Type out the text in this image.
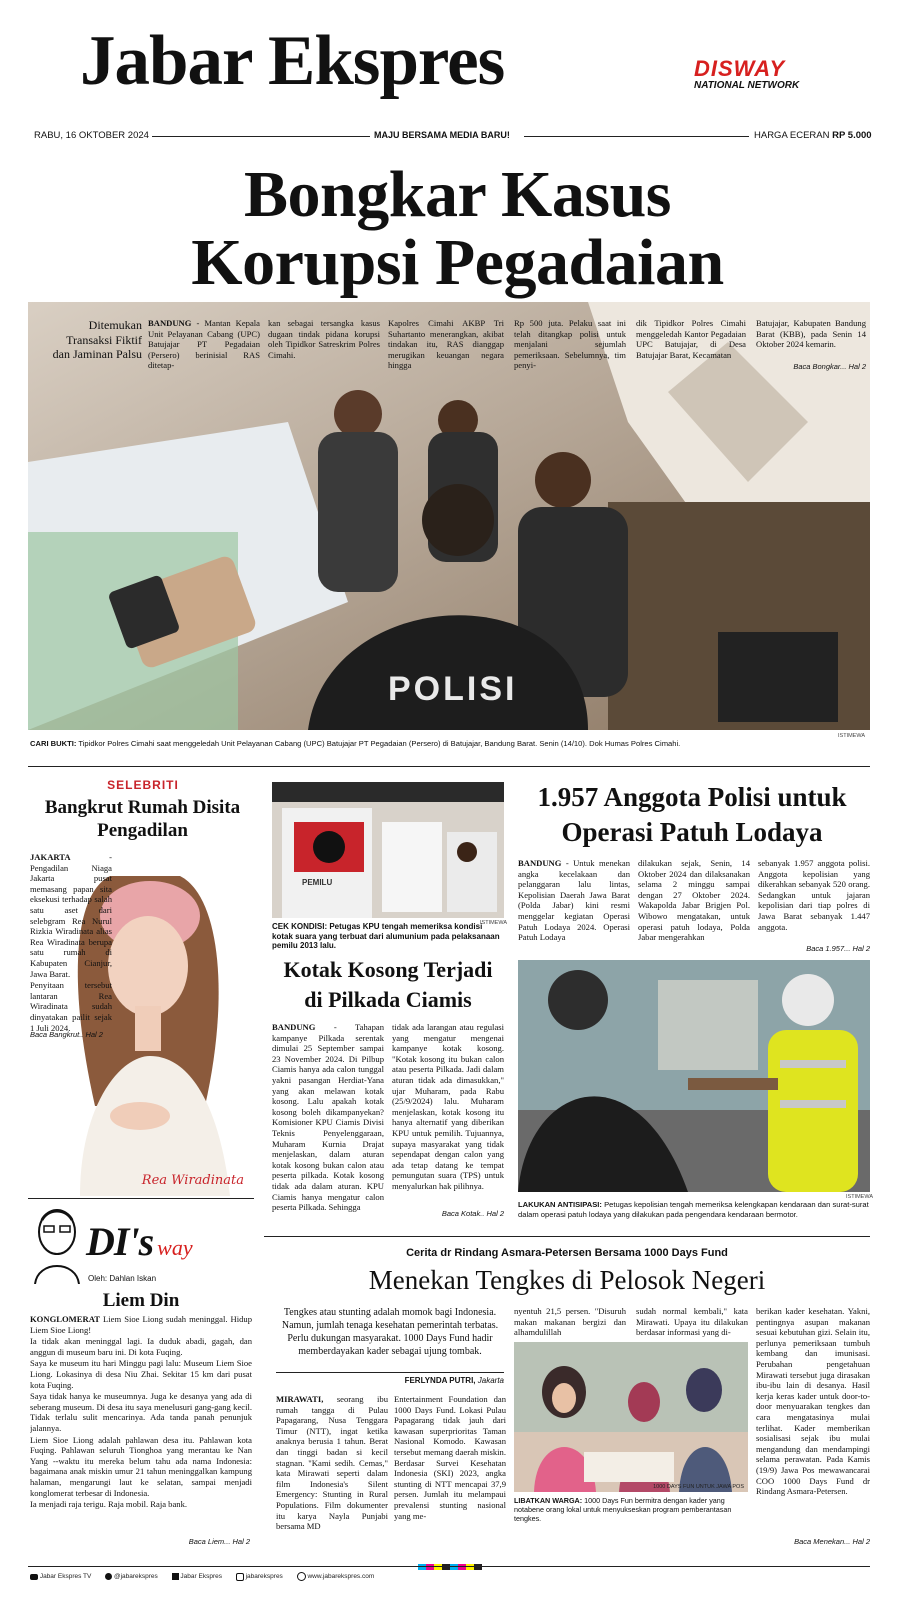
Jabar Ekspres	DISWAY
NATIONAL NETWORK
RABU, 16 OKTOBER 2024	MAJU BERSAMA MEDIA BARU!	HARGA ECERAN RP 5.000
Bongkar Kasus
Korupsi Pegadaian
POLISI
Ditemukan Transaksi Fiktif dan Jaminan Palsu

BANDUNG - Mantan Kepala Unit Pelayanan Cabang (UPC) Batujajar PT Pegadaian (Persero) berinisial RAS ditetap-

kan sebagai tersangka kasus dugaan tindak pidana korupsi oleh Tipidkor Satreskrim Polres Cimahi.
Kapolres Cimahi AKBP Tri Suhartanto menerangkan, akibat tindakan itu, RAS dianggap merugikan keuangan negara hingga
Rp 500 juta. Pelaku saat ini telah ditangkap polisi untuk menjalani sejumlah pemeriksaan. Sebelumnya, tim penyi-
dik Tipidkor Polres Cimahi menggeledah Kantor Pegadaian UPC Batujajar, di Desa Batujajar Barat, Kecamatan
Batujajar, Kabupaten Bandung Barat (KBB), pada Senin 14 Oktober 2024 kemarin.
Baca Bongkar... Hal 2
ISTIMEWA
CARI BUKTI: Tipidkor Polres Cimahi saat menggeledah Unit Pelayanan Cabang (UPC) Batujajar PT Pegadaian (Persero) di Batujajar, Bandung Barat. Senin (14/10). Dok Humas Polres Cimahi.
SELEBRITI
Bangkrut Rumah Disita Pengadilan
Rea Wiradinata

JAKARTA - Pengadilan Niaga Jakarta pusat memasang papan sita eksekusi terhadap salah satu aset dari selebgram Rea Nurul Rizkia Wiradinata alias Rea Wiradinata berupa satu rumah di Kabupaten Cianjur, Jawa Barat.

Penyitaan tersebut lantaran Rea Wiradinata sudah dinyatakan pailit sejak 1 Juli 2024.

Baca Bangkrut.. Hal 2
PEMILU
ISTIMEWA
CEK KONDISI: Petugas KPU tengah memeriksa kondisi kotak suara yang terbuat dari alumunium pada pelaksanaan pemilu 2013 lalu.
Kotak Kosong Terjadi di Pilkada Ciamis

BANDUNG - Tahapan kampanye Pilkada serentak dimulai 25 September sampai 23 November 2024. Di Pilbup Ciamis hanya ada calon tunggal yakni pasangan Herdiat-Yana yang akan melawan kotak kosong. Lalu apakah kotak kosong boleh dikampanyekan? Komisioner KPU Ciamis Divisi Teknis Penyelenggaraan, Muharam Kurnia Drajat menjelaskan, dalam aturan kotak kosong bukan calon atau peserta pilkada. Kotak kosong tidak ada dalam aturan. KPU Ciamis hanya mengatur calon peserta Pilkada. Sehingga

tidak ada larangan atau regulasi yang mengatur mengenai kampanye kotak kosong. "Kotak kosong itu bukan calon atau peserta Pilkada. Jadi dalam aturan tidak ada dimasukkan," ujar Muharam, pada Rabu (25/9/2024) lalu. Muharam menjelaskan, kotak kosong itu hanya alternatif yang diberikan KPU untuk pemilih. Tujuannya, supaya masyarakat yang tidak sependapat dengan calon yang ada tetap datang ke tempat pemungutan suara (TPS) untuk menyalurkan hak pilihnya.
Baca Kotak.. Hal 2
1.957 Anggota Polisi untuk
Operasi Patuh Lodaya

BANDUNG - Untuk menekan angka kecelakaan dan pelanggaran lalu lintas, Kepolisian Daerah Jawa Barat (Polda Jabar) kini resmi menggelar kegiatan Operasi Patuh Lodaya 2024. Operasi Patuh Lodaya

dilakukan sejak, Senin, 14 Oktober 2024 dan dilaksanakan selama 2 minggu sampai dengan 27 Oktober 2024. Wakapolda Jabar Brigjen Pol. Wibowo mengatakan, untuk operasi patuh lodaya, Polda Jabar mengerahkan
sebanyak 1.957 anggota polisi. Anggota kepolisian yang dikerahkan sebanyak 520 orang. Sedangkan untuk jajaran kepolisian dari tiap polres di Jawa Barat sebanyak 1.447 anggota.
Baca 1.957... Hal 2
ISTIMEWA
LAKUKAN ANTISIPASI: Petugas kepolisian tengah memeriksa kelengkapan kendaraan dan surat-surat dalam operasi patuh lodaya yang dilakukan pada pengendara kendaraan bermotor.
DI's way
Oleh: Dahlan Iskan
Liem Din

KONGLOMERAT Liem Sioe Liong sudah meninggal. Hidup Liem Sioe Liong!

Ia tidak akan meninggal lagi. Ia duduk abadi, gagah, dan anggun di museum baru ini. Di kota Fuqing.

Saya ke museum itu hari Minggu pagi lalu: Museum Liem Sioe Liong. Lokasinya di desa Niu Zhai. Sekitar 15 km dari pusat kota Fuqing.

Saya tidak hanya ke museumnya. Juga ke desanya yang ada di seberang museum. Di desa itu saya menelusuri gang-gang kecil. Tidak terlalu sulit mencarinya. Ada tanda panah penunjuk jalannya.

Liem Sioe Liong adalah pahlawan desa itu. Pahlawan kota Fuqing. Pahlawan seluruh Tionghoa yang merantau ke Nan Yang --waktu itu mereka belum tahu ada nama Indonesia: bagaimana anak miskin umur 21 tahun meninggalkan kampung halaman, mengarungi laut ke selatan, sampai menjadi konglomerat terbesar di Indonesia.

Ia menjadi raja terigu. Raja mobil. Raja bank.

Baca Liem... Hal 2
Cerita dr Rindang Asmara-Petersen Bersama 1000 Days Fund
Menekan Tengkes di Pelosok Negeri
Tengkes atau stunting adalah momok bagi Indonesia. Namun, jumlah tenaga kesehatan pemerintah terbatas. Perlu dukungan masyarakat. 1000 Days Fund hadir memberdayakan kader sebagai ujung tombak.
FERLYNDA PUTRI, Jakarta

MIRAWATI, seorang ibu rumah tangga di Pulau Papagarang, Nusa Tenggara Timur (NTT), ingat ketika anaknya berusia 1 tahun. Berat dan tinggi badan si kecil stagnan. "Kami sedih. Cemas," kata Mirawati seperti dalam film Indonesia's Silent Emergency: Stunting in Rural Populations. Film dokumenter itu karya Nayla Punjabi bersama MD

Entertainment Foundation dan 1000 Days Fund. Lokasi Pulau Papagarang tidak jauh dari kawasan superprioritas Taman Nasional Komodo. Kawasan tersebut memang daerah miskin. Berdasar Survei Kesehatan Indonesia (SKI) 2023, angka stunting di NTT mencapai 37,9 persen. Jumlah itu melampaui prevalensi stunting nasional yang me-
nyentuh 21,5 persen. "Disuruh makan makanan bergizi dan alhamdulillah
sudah normal kembali," kata Mirawati. Upaya itu dilakukan berdasar informasi yang di-
1000 DAYS FUN UNTUK JAWA POS
LIBATKAN WARGA: 1000 Days Fun bermitra dengan kader yang notabene orang lokal untuk menyukseskan program pemberantasan tengkes.
berikan kader kesehatan. Yakni, pentingnya asupan makanan sesuai kebutuhan gizi. Selain itu, perlunya pemeriksaan tumbuh kembang dan imunisasi. Perubahan pengetahuan Mirawati tersebut juga dirasakan ibu-ibu lain di desanya. Hasil kerja keras kader untuk door-to-door menyuarakan tengkes dan cara mengatasinya mulai terlihat. Kader memberikan sosialisasi sejak ibu mulai mengandung dan mendampingi selama perawatan. Pada Kamis (19/9) Jawa Pos mewawancarai COO 1000 Days Fund dr Rindang Asmara-Petersen.
Baca Menekan... Hal 2
Jabar Ekspres TV	@jabarekspres	Jabar Ekspres	jabarekspres	www.jabarekspres.com
